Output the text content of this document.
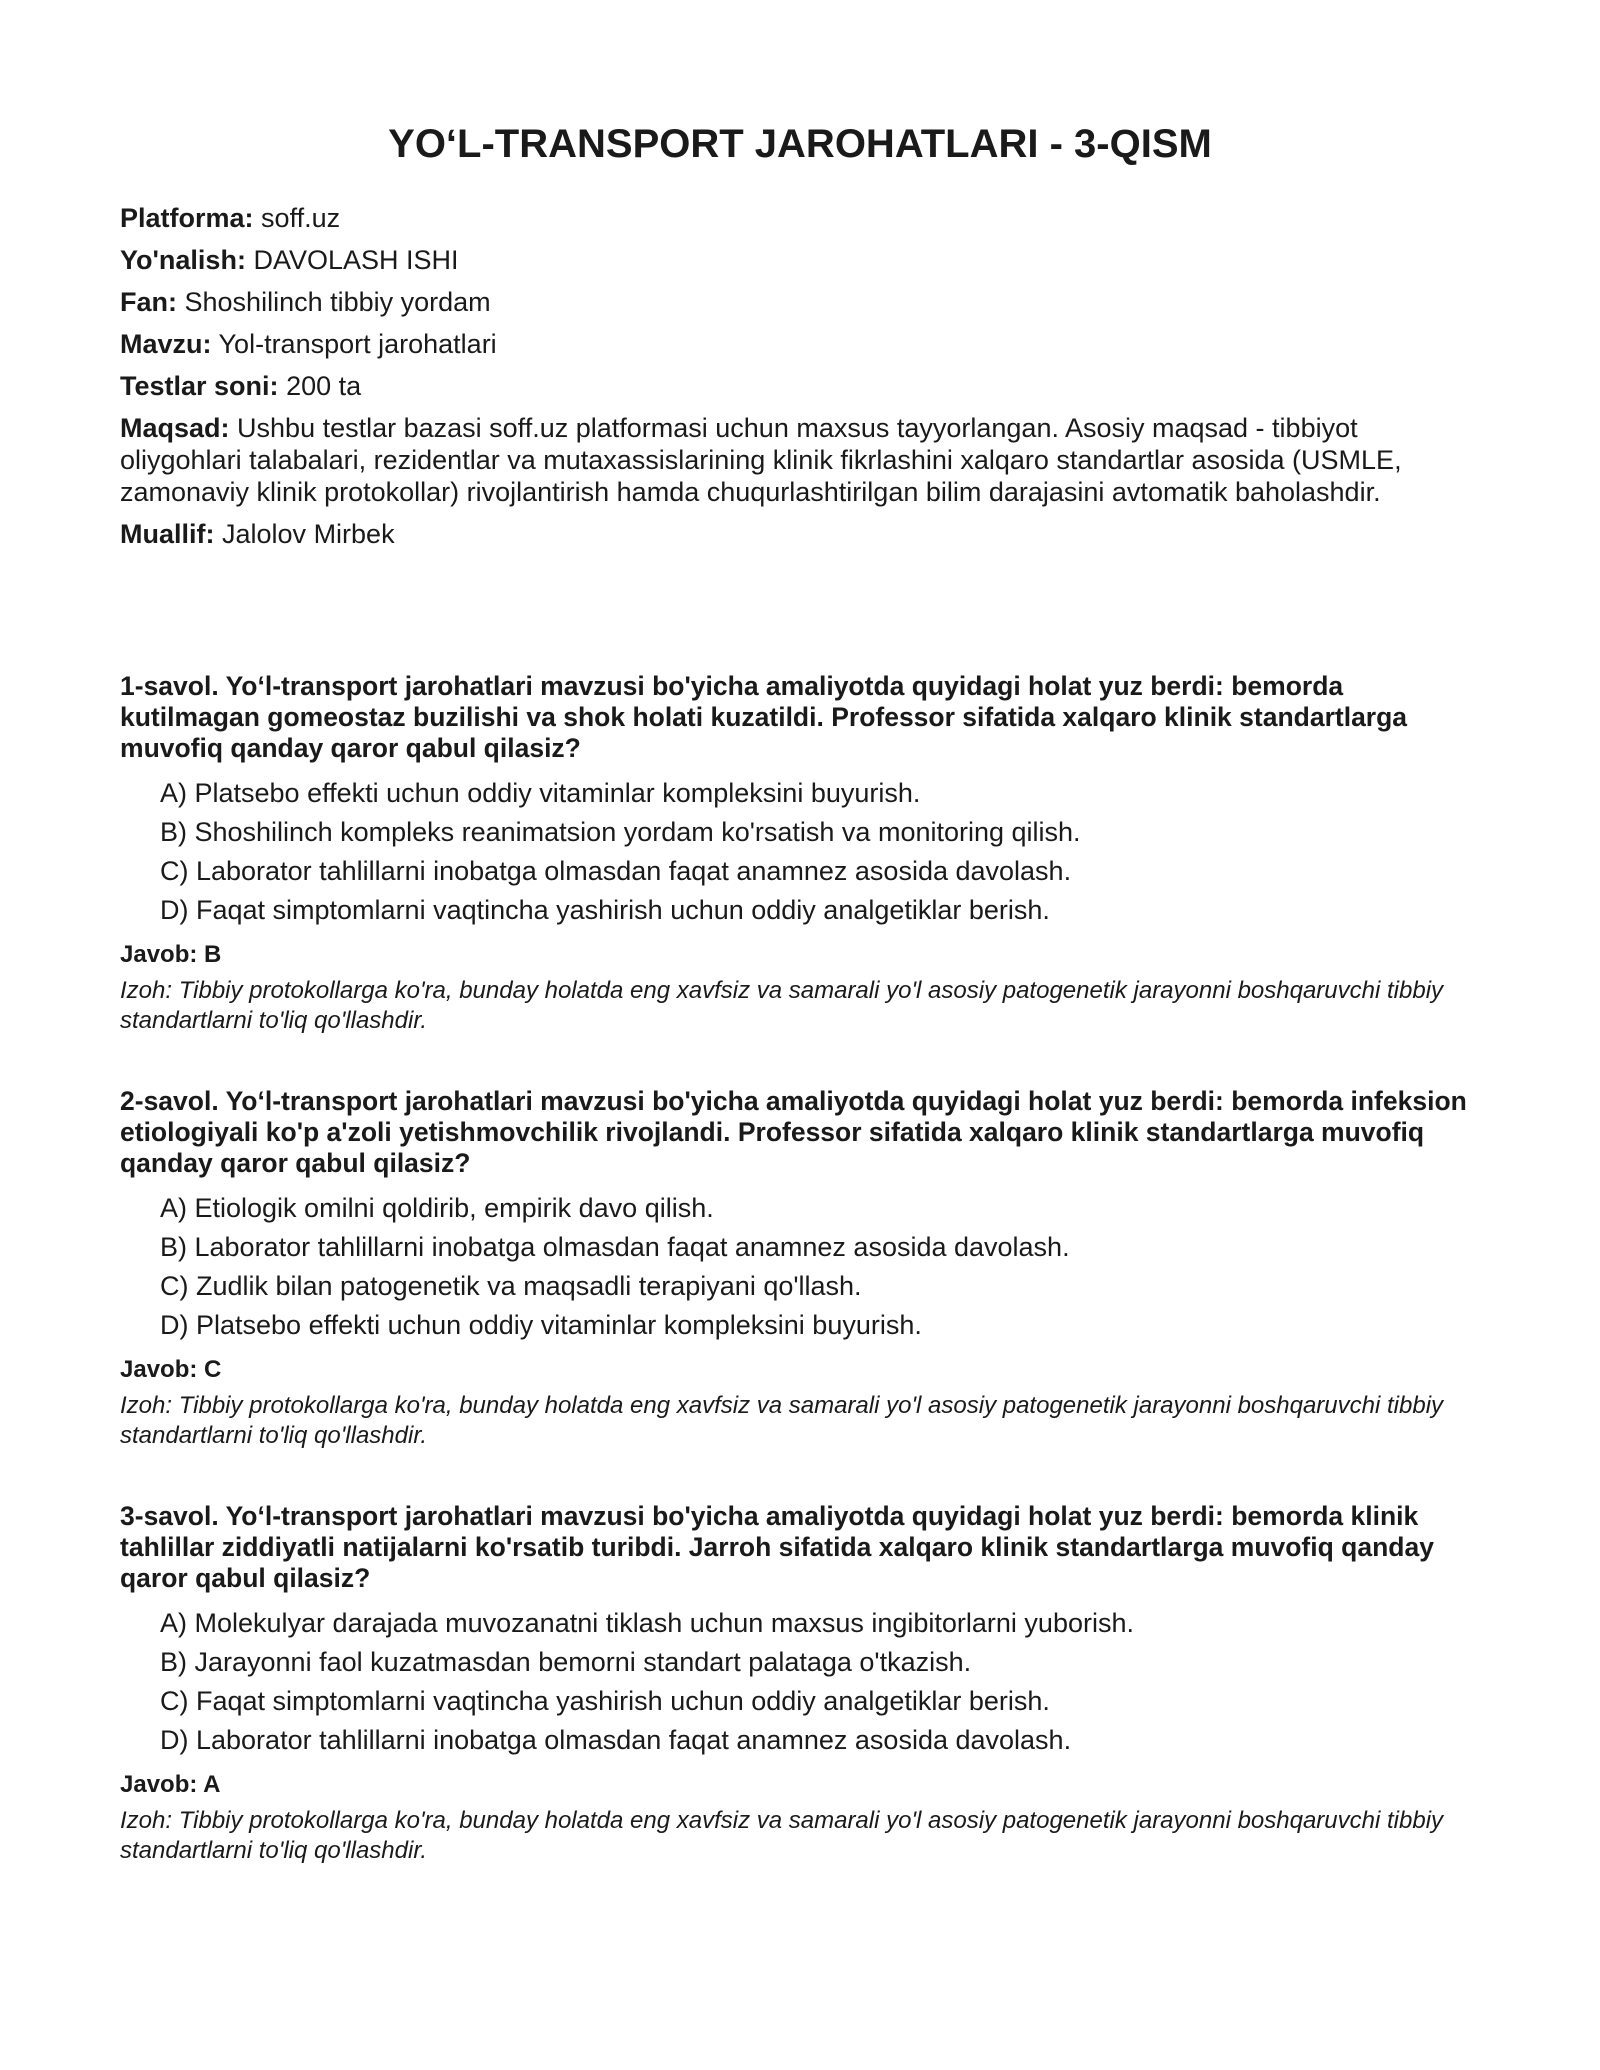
YO‘L-TRANSPORT JAROHATLARI - 3-QISM

Platforma: soff.uz

Yo'nalish: DAVOLASH ISHI

Fan: Shoshilinch tibbiy yordam

Mavzu: Yol-transport jarohatlari

Testlar soni: 200 ta

Maqsad: Ushbu testlar bazasi soff.uz platformasi uchun maxsus tayyorlangan. Asosiy maqsad - tibbiyot oliygohlari talabalari, rezidentlar va mutaxassislarining klinik fikrlashini xalqaro standartlar asosida (USMLE, zamonaviy klinik protokollar) rivojlantirish hamda chuqurlashtirilgan bilim darajasini avtomatik baholashdir.

Muallif: Jalolov Mirbek

1-savol. Yo‘l-transport jarohatlari mavzusi bo'yicha amaliyotda quyidagi holat yuz berdi: bemorda kutilmagan gomeostaz buzilishi va shok holati kuzatildi. Professor sifatida xalqaro klinik standartlarga muvofiq qanday qaror qabul qilasiz?

A) Platsebo effekti uchun oddiy vitaminlar kompleksini buyurish.

B) Shoshilinch kompleks reanimatsion yordam ko'rsatish va monitoring qilish.

C) Laborator tahlillarni inobatga olmasdan faqat anamnez asosida davolash.

D) Faqat simptomlarni vaqtincha yashirish uchun oddiy analgetiklar berish.

Javob: B

Izoh: Tibbiy protokollarga ko'ra, bunday holatda eng xavfsiz va samarali yo'l asosiy patogenetik jarayonni boshqaruvchi tibbiy standartlarni to'liq qo'llashdir.

2-savol. Yo‘l-transport jarohatlari mavzusi bo'yicha amaliyotda quyidagi holat yuz berdi: bemorda infeksion etiologiyali ko'p a'zoli yetishmovchilik rivojlandi. Professor sifatida xalqaro klinik standartlarga muvofiq qanday qaror qabul qilasiz?

A) Etiologik omilni qoldirib, empirik davo qilish.

B) Laborator tahlillarni inobatga olmasdan faqat anamnez asosida davolash.

C) Zudlik bilan patogenetik va maqsadli terapiyani qo'llash.

D) Platsebo effekti uchun oddiy vitaminlar kompleksini buyurish.

Javob: C

Izoh: Tibbiy protokollarga ko'ra, bunday holatda eng xavfsiz va samarali yo'l asosiy patogenetik jarayonni boshqaruvchi tibbiy standartlarni to'liq qo'llashdir.

3-savol. Yo‘l-transport jarohatlari mavzusi bo'yicha amaliyotda quyidagi holat yuz berdi: bemorda klinik tahlillar ziddiyatli natijalarni ko'rsatib turibdi. Jarroh sifatida xalqaro klinik standartlarga muvofiq qanday qaror qabul qilasiz?

A) Molekulyar darajada muvozanatni tiklash uchun maxsus ingibitorlarni yuborish.

B) Jarayonni faol kuzatmasdan bemorni standart palataga o'tkazish.

C) Faqat simptomlarni vaqtincha yashirish uchun oddiy analgetiklar berish.

D) Laborator tahlillarni inobatga olmasdan faqat anamnez asosida davolash.

Javob: A

Izoh: Tibbiy protokollarga ko'ra, bunday holatda eng xavfsiz va samarali yo'l asosiy patogenetik jarayonni boshqaruvchi tibbiy standartlarni to'liq qo'llashdir.
